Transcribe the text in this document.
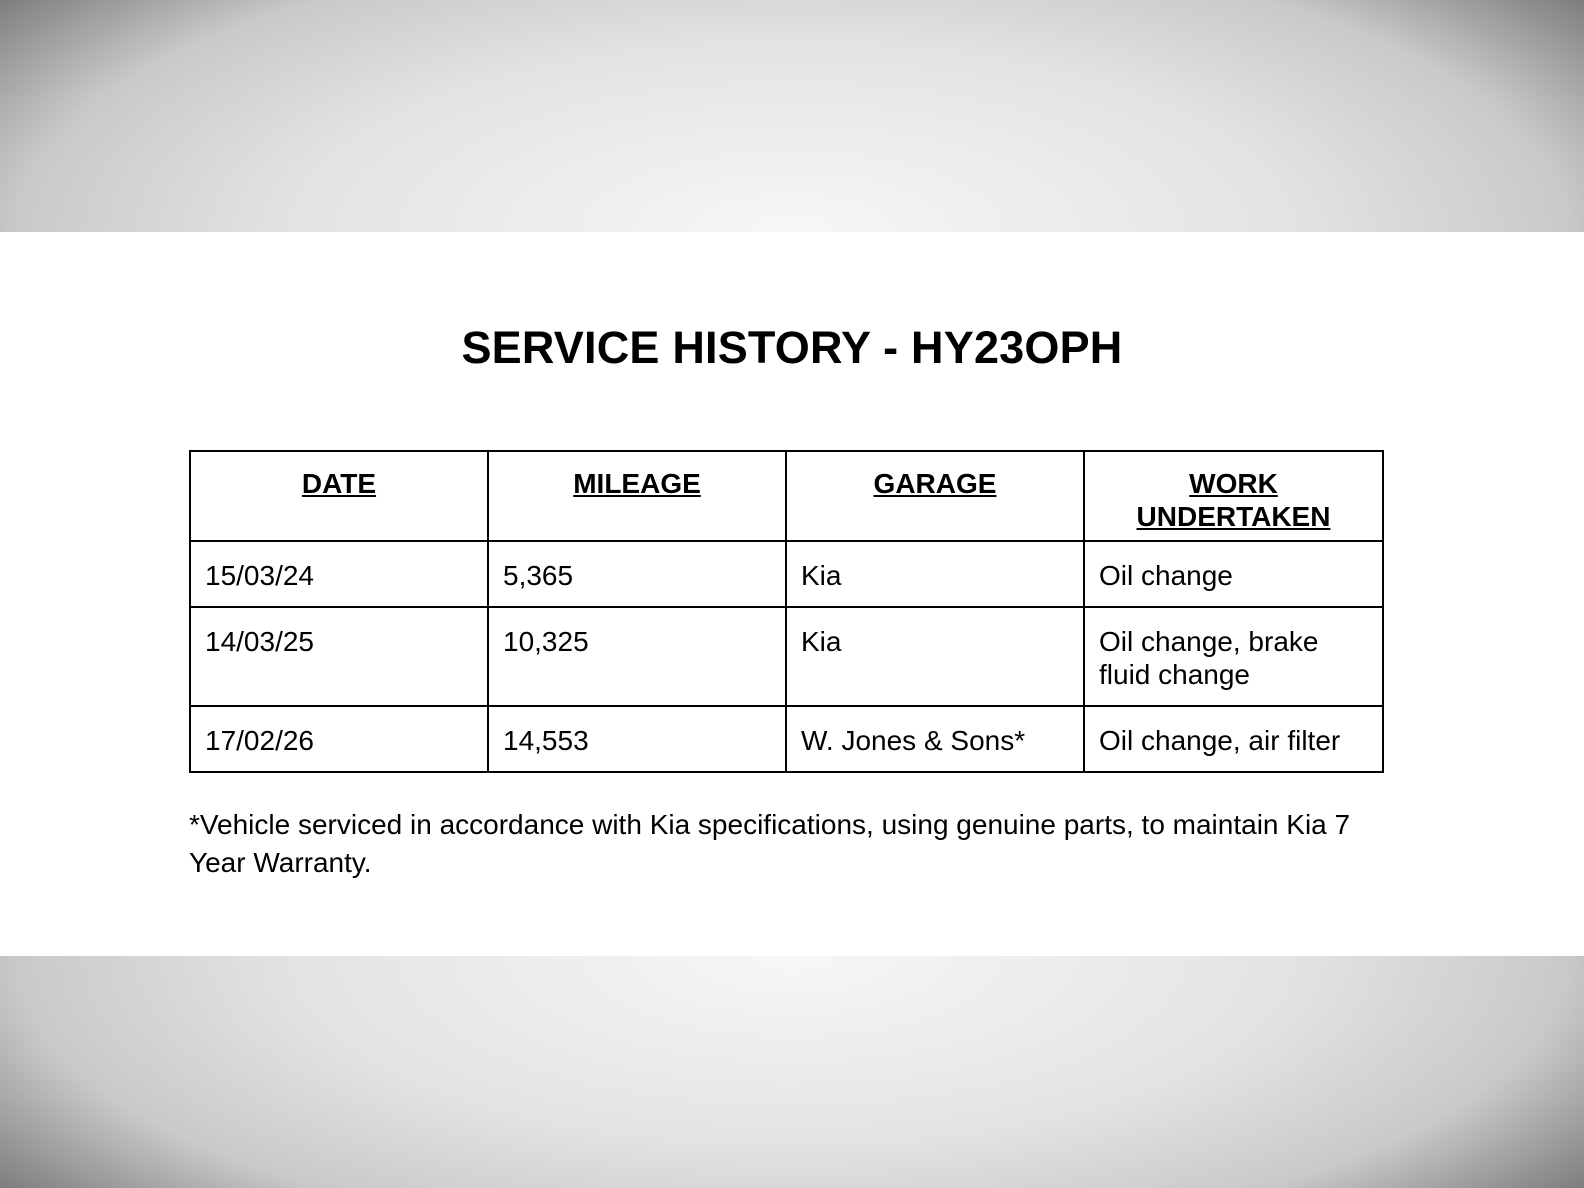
SERVICE HISTORY - HY23OPH
DATE	MILEAGE	GARAGE	WORK UNDERTAKEN
15/03/24	5,365	Kia	Oil change
14/03/25	10,325	Kia	Oil change, brake fluid change
17/02/26	14,553	W. Jones & Sons*	Oil change, air filter

*Vehicle serviced in accordance with Kia specifications, using genuine parts, to maintain Kia 7 Year Warranty.
